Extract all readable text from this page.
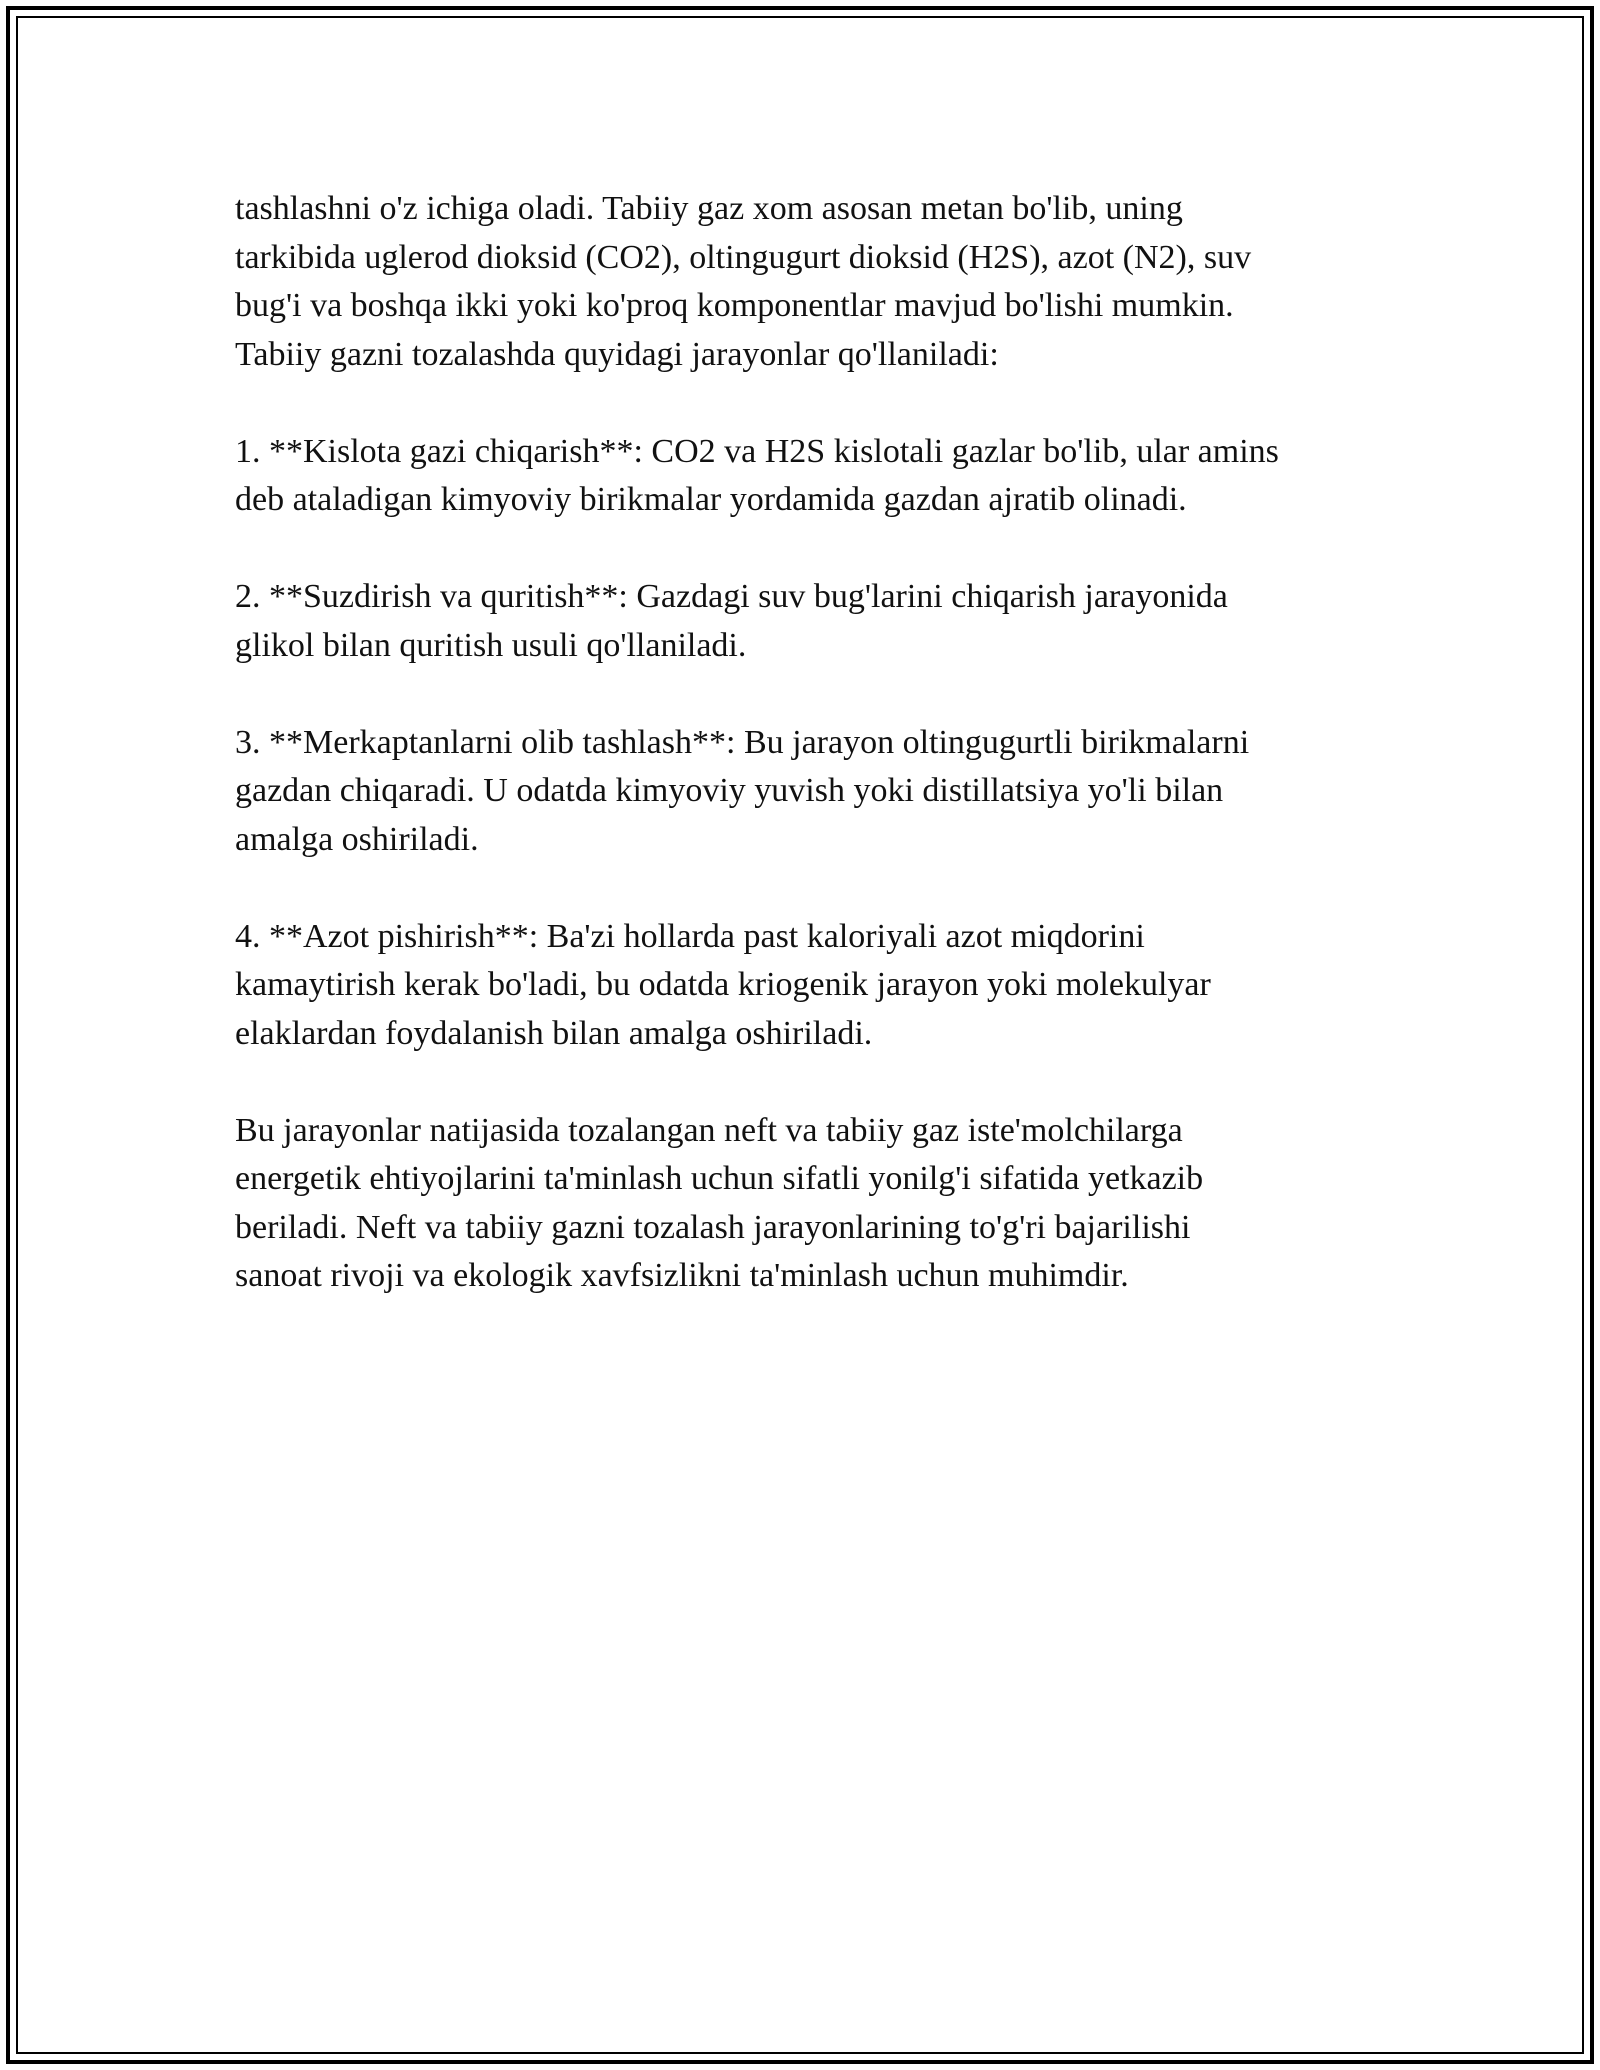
tashlashni o'z ichiga oladi. Tabiiy gaz xom asosan metan bo'lib, uning

tarkibida uglerod dioksid (CO2), oltingugurt dioksid (H2S), azot (N2), suv

bug'i va boshqa ikki yoki ko'proq komponentlar mavjud bo'lishi mumkin.

Tabiiy gazni tozalashda quyidagi jarayonlar qo'llaniladi:

1. **Kislota gazi chiqarish**: CO2 va H2S kislotali gazlar bo'lib, ular amins

deb ataladigan kimyoviy birikmalar yordamida gazdan ajratib olinadi.

2. **Suzdirish va quritish**: Gazdagi suv bug'larini chiqarish jarayonida

glikol bilan quritish usuli qo'llaniladi.

3. **Merkaptanlarni olib tashlash**: Bu jarayon oltingugurtli birikmalarni

gazdan chiqaradi. U odatda kimyoviy yuvish yoki distillatsiya yo'li bilan

amalga oshiriladi.

4. **Azot pishirish**: Ba'zi hollarda past kaloriyali azot miqdorini

kamaytirish kerak bo'ladi, bu odatda kriogenik jarayon yoki molekulyar

elaklardan foydalanish bilan amalga oshiriladi.

Bu jarayonlar natijasida tozalangan neft va tabiiy gaz iste'molchilarga

energetik ehtiyojlarini ta'minlash uchun sifatli yonilg'i sifatida yetkazib

beriladi. Neft va tabiiy gazni tozalash jarayonlarining to'g'ri bajarilishi

sanoat rivoji va ekologik xavfsizlikni ta'minlash uchun muhimdir.
